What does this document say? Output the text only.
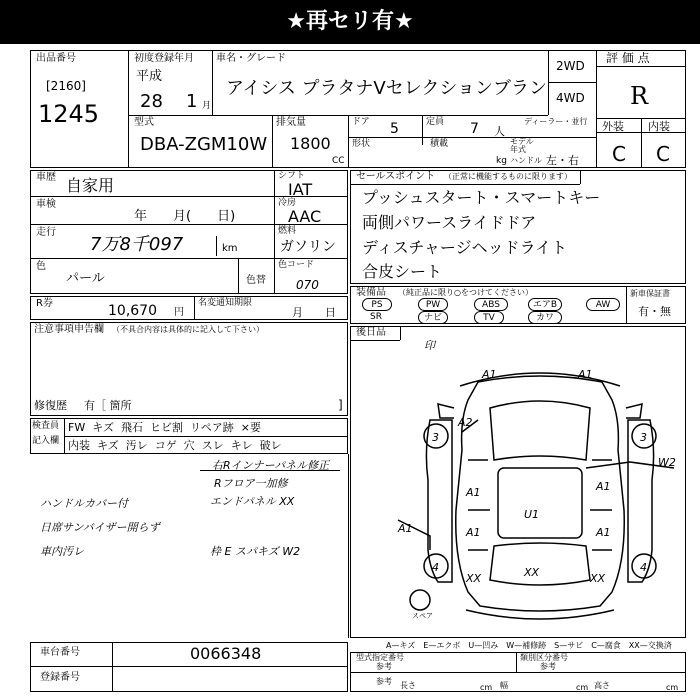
★再セリ有★
出品番号
[2160]
1245
初度登録年月
平成
28 1 月
車名・グレード
アイシス プラタナVセレクションブラン
2WD
4WD
評 価 点
R
外装 内装
C C
型式
DBA-ZGM10W
排気量
1800
CC
ドア 5	定員 7 人
ディーラー・並行
形状	積載
kg
モデル年式
ハンドル 左・右
車歴 自家用
車検
年　　月(　　日)
走行
7万8千097	km
色
パール	色替
シフト
IAT
冷房
AAC
燃料
ガソリン
色コード
070
R券	10,670 円
名変通知期限
月　　日
注意事項申告欄 （不具合内容は具体的に記入して下さい）
修復歴 有［ 箇所	]
セールスポイント （正常に機能するものに限ります）
プッシュスタート・スマートキー
両側パワースライドドア
ディスチャージヘッドライト
合皮シート
装備品 （純正品に限り○をつけてください）
PS	PW	ABS	エアB	AW
SR	ナビ	TV	カワ
新車保証書
有・無
後日品
印
A1	A1
A2
3	3
W2
A1	A1
U1
A1	A1
A1
4	4
XX
XX	XX
スペア
A—キズ　E—エクボ　U—凹み　W—補修跡　S—サビ　C—腐食　XX—交換済
検査員
記入欄
FW キズ 飛石 ヒビ割 リペア跡 ×要
内装 キズ 汚レ コゲ 穴 スレ キレ 破レ
右Rインナーパネル修正
Rフロア一加修
エンドパネル XX
ハンドルカバー付
日席サンバイザー開らず
車内汚レ	枠 E スパキズ W2
車台番号	0066348
登録番号
型式指定番号
参考
類別区分番号
参考
参考 長さ	cm 幅	cm 高さ	cm
